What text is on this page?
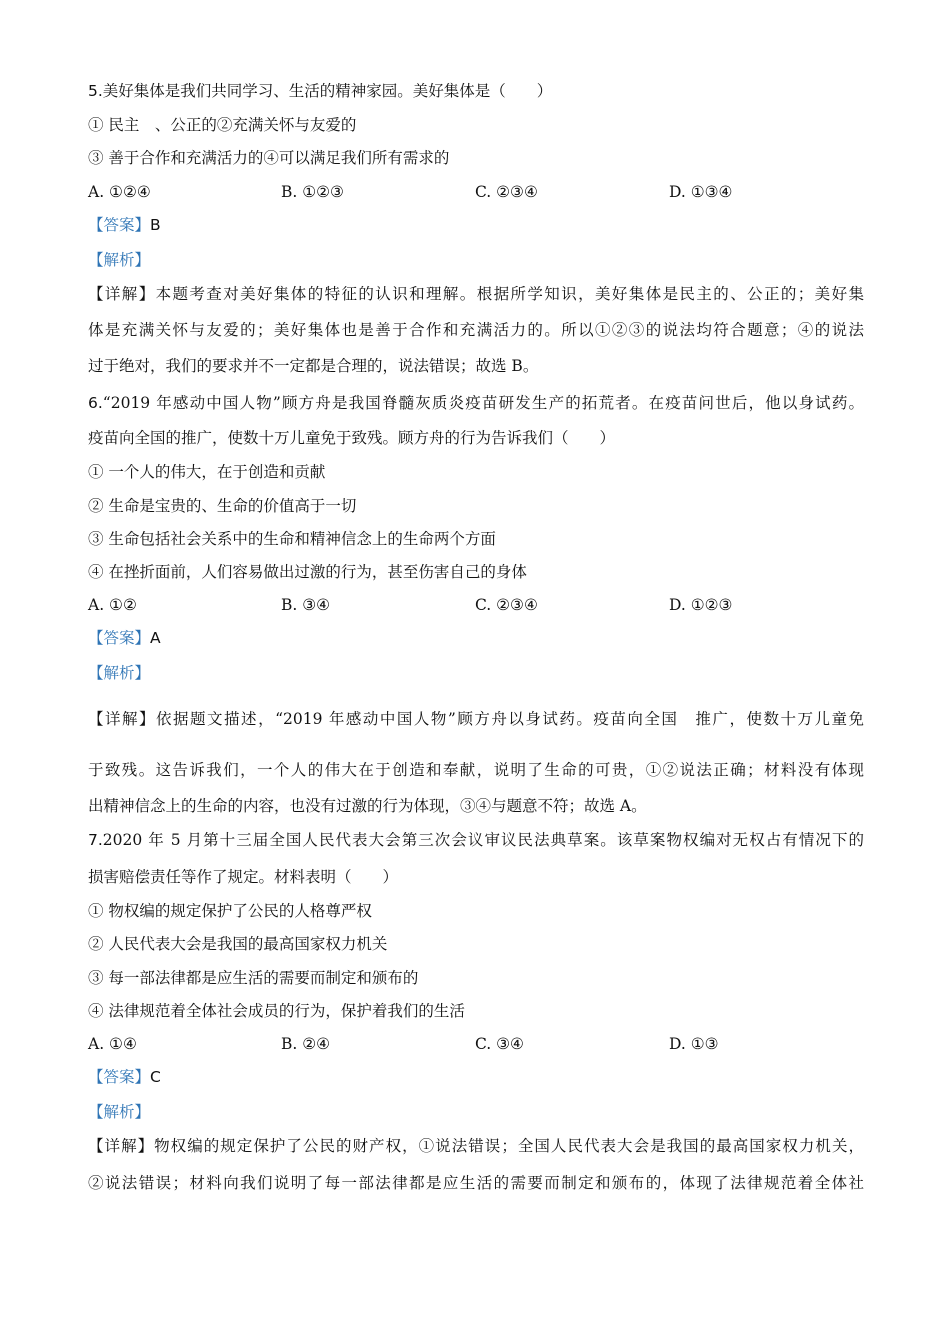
5.美好集体是我们共同学习、生活的精神家园。美好集体是（　　）
① 民主　、公正的②充满关怀与友爱的
③ 善于合作和充满活力的④可以满足我们所有需求的
A. ①②④	B. ①②③	C. ②③④	D. ①③④
【答案】B
【解析】
【详解】本题考查对美好集体的特征的认识和理解。根据所学知识，美好集体是民主的、公正的；美好集
体是充满关怀与友爱的；美好集体也是善于合作和充满活力的。所以①②③的说法均符合题意；④的说法
过于绝对，我们的要求并不一定都是合理的，说法错误；故选 B。
6.“2019 年感动中国人物”顾方舟是我国脊髓灰质炎疫苗研发生产的拓荒者。在疫苗问世后，他以身试药。
疫苗向全国的推广，使数十万儿童免于致残。顾方舟的行为告诉我们（　　）
① 一个人的伟大，在于创造和贡献
② 生命是宝贵的、生命的价值高于一切
③ 生命包括社会关系中的生命和精神信念上的生命两个方面
④ 在挫折面前，人们容易做出过激的行为，甚至伤害自己的身体
A. ①②	B. ③④	C. ②③④	D. ①②③
【答案】A
【解析】
【详解】依据题文描述，“2019 年感动中国人物”顾方舟以身试药。疫苗向全国　推广，使数十万儿童免
于致残。这告诉我们，一个人的伟大在于创造和奉献，说明了生命的可贵，①②说法正确；材料没有体现
出精神信念上的生命的内容，也没有过激的行为体现，③④与题意不符；故选 A。
7.2020 年 5 月第十三届全国人民代表大会第三次会议审议民法典草案。该草案物权编对无权占有情况下的
损害赔偿责任等作了规定。材料表明（　　）
① 物权编的规定保护了公民的人格尊严权
② 人民代表大会是我国的最高国家权力机关
③ 每一部法律都是应生活的需要而制定和颁布的
④ 法律规范着全体社会成员的行为，保护着我们的生活
A. ①④	B. ②④	C. ③④	D. ①③
【答案】C
【解析】
【详解】物权编的规定保护了公民的财产权，①说法错误；全国人民代表大会是我国的最高国家权力机关，
②说法错误；材料向我们说明了每一部法律都是应生活的需要而制定和颁布的，体现了法律规范着全体社
